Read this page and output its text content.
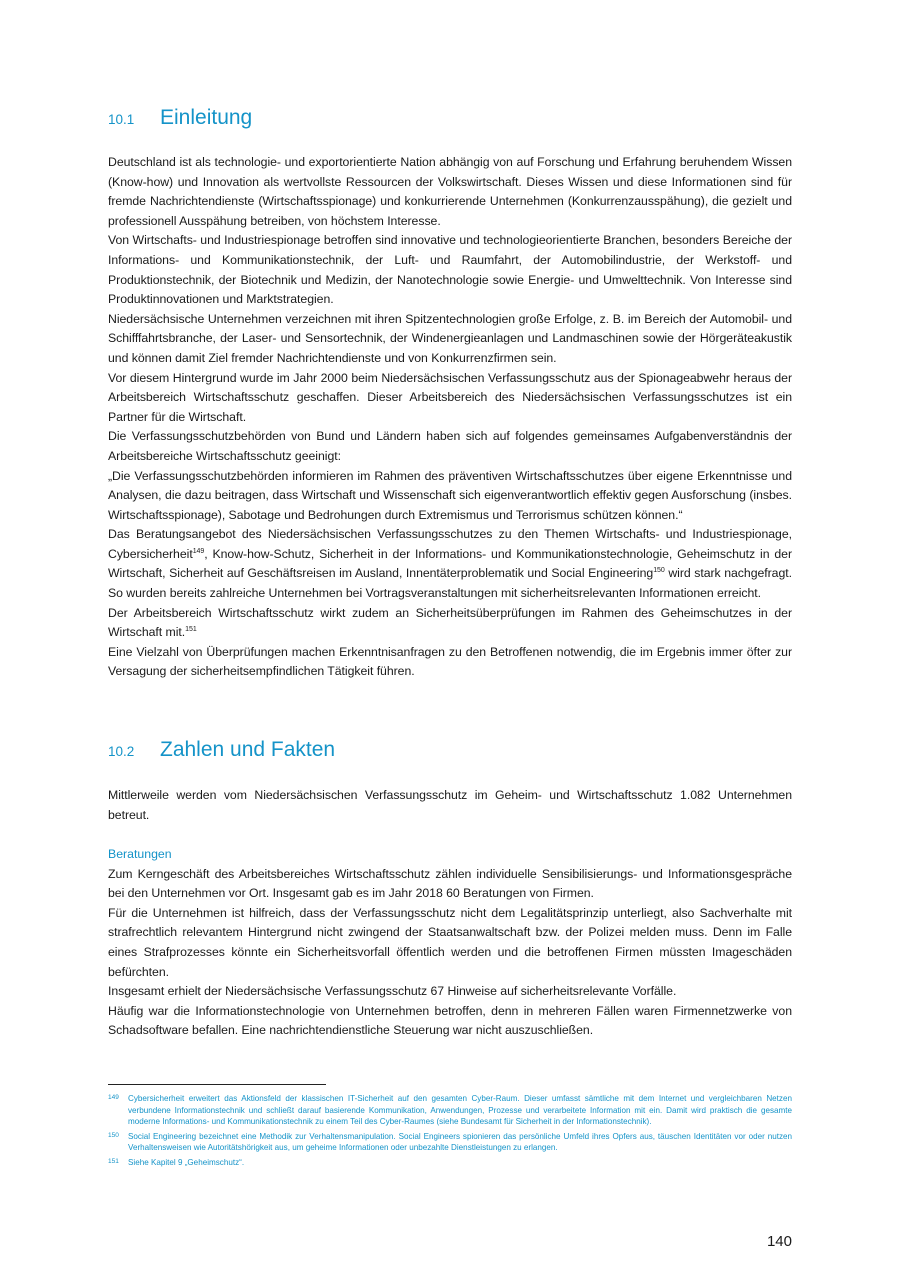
10.1	Einleitung

Deutschland ist als technologie- und exportorientierte Nation abhängig von auf Forschung und Erfahrung beruhendem Wissen (Know-how) und Innovation als wertvollste Ressourcen der Volkswirtschaft. Dieses Wissen und diese Informationen sind für fremde Nachrichtendienste (Wirtschaftsspionage) und konkurrierende Unternehmen (Konkurrenzausspähung), die gezielt und professionell Ausspähung betreiben, von höchstem Interesse.

Von Wirtschafts- und Industriespionage betroffen sind innovative und technologieorientierte Branchen, besonders Bereiche der Informations- und Kommunikationstechnik, der Luft- und Raumfahrt, der Automobilindustrie, der Werkstoff- und Produktionstechnik, der Biotechnik und Medizin, der Nanotechnologie sowie Energie- und Umwelttechnik. Von Interesse sind Produktinnovationen und Marktstrategien.

Niedersächsische Unternehmen verzeichnen mit ihren Spitzentechnologien große Erfolge, z. B. im Bereich der Automobil- und Schifffahrtsbranche, der Laser- und Sensortechnik, der Windenergieanlagen und Landmaschinen sowie der Hörgeräteakustik und können damit Ziel fremder Nachrichtendienste und von Konkurrenzfirmen sein.

Vor diesem Hintergrund wurde im Jahr 2000 beim Niedersächsischen Verfassungsschutz aus der Spionageabwehr heraus der Arbeitsbereich Wirtschaftsschutz geschaffen. Dieser Arbeitsbereich des Niedersächsischen Verfassungsschutzes ist ein Partner für die Wirtschaft.

Die Verfassungsschutzbehörden von Bund und Ländern haben sich auf folgendes gemeinsames Aufgabenverständnis der Arbeitsbereiche Wirtschaftsschutz geeinigt:

„Die Verfassungsschutzbehörden informieren im Rahmen des präventiven Wirtschaftsschutzes über eigene Erkenntnisse und Analysen, die dazu beitragen, dass Wirtschaft und Wissenschaft sich eigenverantwortlich effektiv gegen Ausforschung (insbes. Wirtschaftsspionage), Sabotage und Bedrohungen durch Extremismus und Terrorismus schützen können.“

Das Beratungsangebot des Niedersächsischen Verfassungsschutzes zu den Themen Wirtschafts- und Industriespionage, Cybersicherheit$^{149}$, Know-how-Schutz, Sicherheit in der Informations- und Kommunikationstechnologie, Geheimschutz in der Wirtschaft, Sicherheit auf Geschäftsreisen im Ausland, Innentäterproblematik und Social Engineering$^{150}$ wird stark nachgefragt. So wurden bereits zahlreiche Unternehmen bei Vortragsveranstaltungen mit sicherheitsrelevanten Informationen erreicht.

Der Arbeitsbereich Wirtschaftsschutz wirkt zudem an Sicherheitsüberprüfungen im Rahmen des Geheimschutzes in der Wirtschaft mit.$^{151}$

Eine Vielzahl von Überprüfungen machen Erkenntnisanfragen zu den Betroffenen notwendig, die im Ergebnis immer öfter zur Versagung der sicherheitsempfindlichen Tätigkeit führen.

10.2	Zahlen und Fakten

Mittlerweile werden vom Niedersächsischen Verfassungsschutz im Geheim- und Wirtschaftsschutz 1.082 Unternehmen betreut.

Beratungen

Zum Kerngeschäft des Arbeitsbereiches Wirtschaftsschutz zählen individuelle Sensibilisierungs- und Informationsgespräche bei den Unternehmen vor Ort. Insgesamt gab es im Jahr 2018 60 Beratungen von Firmen.

Für die Unternehmen ist hilfreich, dass der Verfassungsschutz nicht dem Legalitätsprinzip unterliegt, also Sachverhalte mit strafrechtlich relevantem Hintergrund nicht zwingend der Staatsanwaltschaft bzw. der Polizei melden muss. Denn im Falle eines Strafprozesses könnte ein Sicherheitsvorfall öffentlich werden und die betroffenen Firmen müssten Imageschäden befürchten.

Insgesamt erhielt der Niedersächsische Verfassungsschutz 67 Hinweise auf sicherheitsrelevante Vorfälle.

Häufig war die Informationstechnologie von Unternehmen betroffen, denn in mehreren Fällen waren Firmennetzwerke von Schadsoftware befallen. Eine nachrichtendienstliche Steuerung war nicht auszuschließen.

149	Cybersicherheit erweitert das Aktionsfeld der klassischen IT-Sicherheit auf den gesamten Cyber-Raum. Dieser umfasst sämtliche mit dem Internet und vergleichbaren Netzen verbundene Informationstechnik und schließt darauf basierende Kommunikation, Anwendungen, Prozesse und verarbeitete Information mit ein. Damit wird praktisch die gesamte moderne Informations- und Kommunikationstechnik zu einem Teil des Cyber-Raumes (siehe Bundesamt für Sicherheit in der Informationstechnik).
150	Social Engineering bezeichnet eine Methodik zur Verhaltensmanipulation. Social Engineers spionieren das persönliche Umfeld ihres Opfers aus, täuschen Identitäten vor oder nutzen Verhaltensweisen wie Autoritätshörigkeit aus, um geheime Informationen oder unbezahlte Dienstleistungen zu erlangen.
151	Siehe Kapitel 9 „Geheimschutz“.
140
